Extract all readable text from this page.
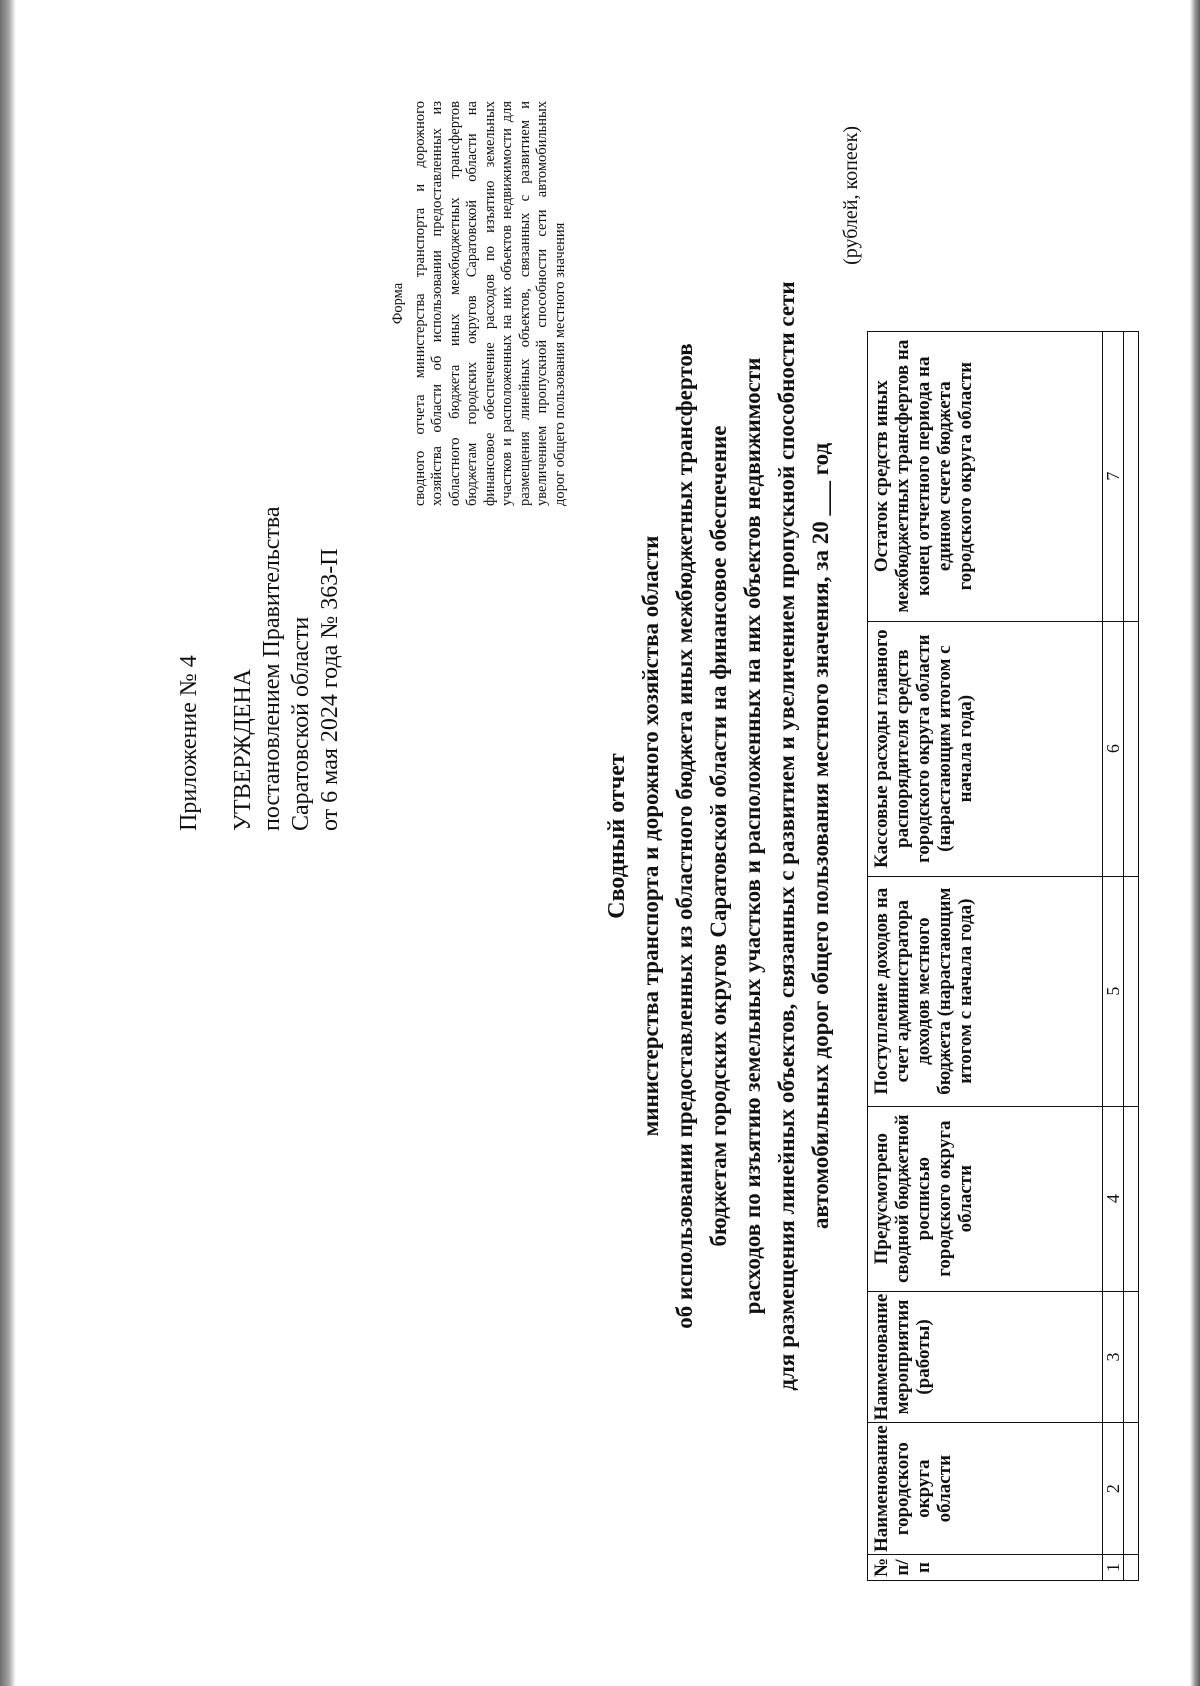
Приложение № 4 УТВЕРЖДЕНА постановлением Правительства Саратовской области от 6 мая 2024 года № 363-П
Форма сводного отчета министерства транспорта и дорожного хозяйства области об использовании предоставленных из областного бюджета иных межбюджетных трансфертов бюджетам городских округов Саратовской области на финансовое обеспечение расходов по изъятию земельных участков и расположенных на них объектов недвижимости для размещения линейных объектов, связанных с развитием и увеличением пропускной способности сети автомобильных дорог общего пользования местного значения
Сводный отчет министерства транспорта и дорожного хозяйства области об использовании предоставленных из областного бюджета иных межбюджетных трансфертов бюджетам городских округов Саратовской области на финансовое обеспечение расходов по изъятию земельных участков и расположенных на них объектов недвижимости для размещения линейных объектов, связанных с развитием и увеличением пропускной способности сети автомобильных дорог общего пользования местного значения, за 20 ___ год
(рублей, копеек)
№ п/п	Наименование городского округа области	Наименование мероприятия (работы)	Предусмотрено сводной бюджетной росписью городского округа области	Поступление доходов на счет администратора доходов местного бюджета (нарастающим итогом с начала года)	Кассовые расходы главного распорядителя средств городского округа области (нарастающим итогом с начала года)	Остаток средств иных межбюджетных трансфертов на конец отчетного периода на едином счете бюджета городского округа области
1	2	3	4	5	6	7
